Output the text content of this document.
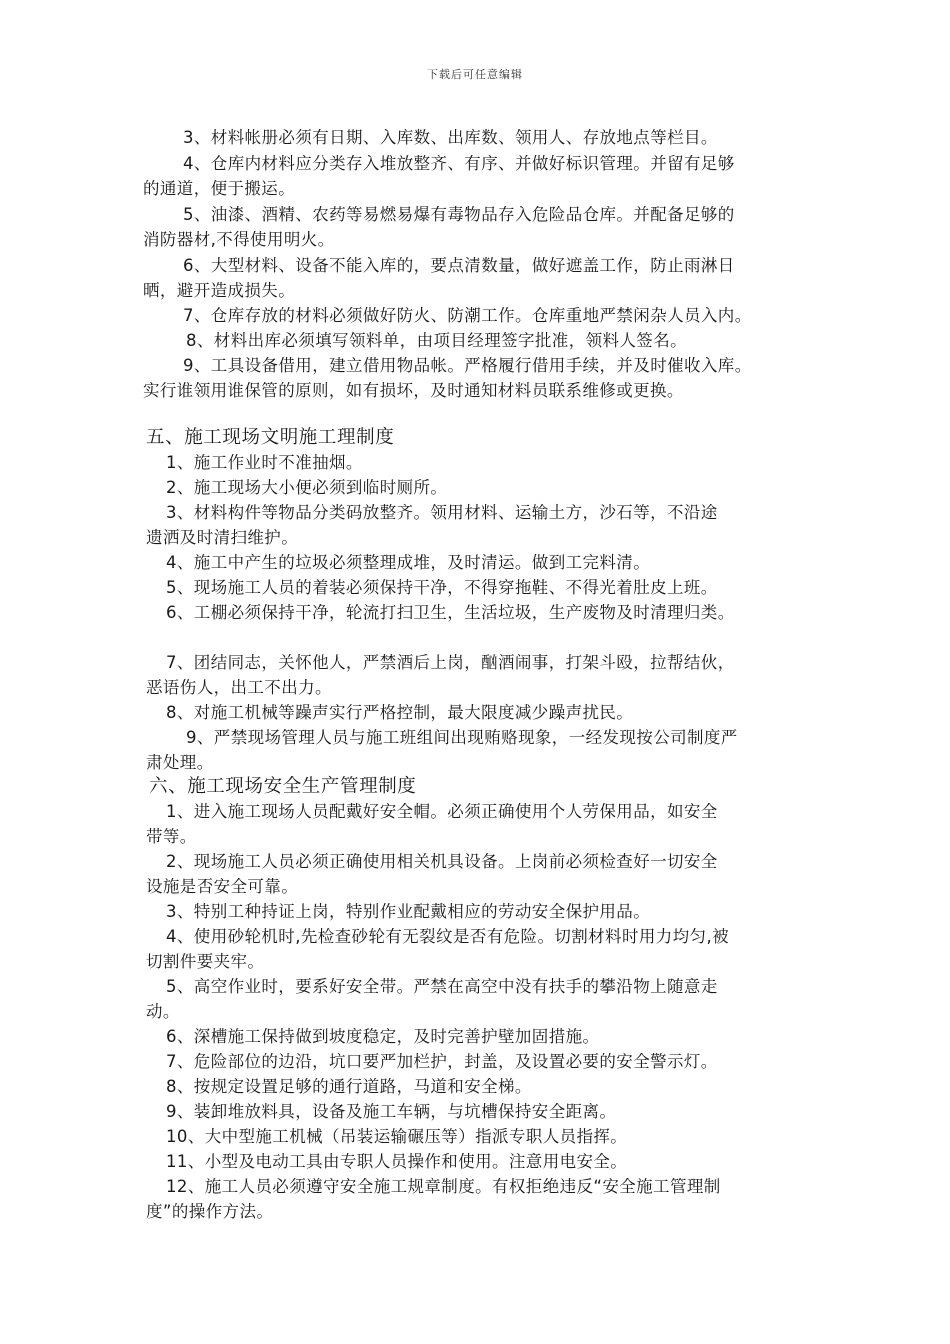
下载后可任意编辑
3、材料帐册必须有日期、入库数、出库数、领用人、存放地点等栏目。
4、仓库内材料应分类存入堆放整齐、有序、并做好标识管理。并留有足够
的通道，便于搬运。
5、油漆、酒精、农药等易燃易爆有毒物品存入危险品仓库。并配备足够的
消防器材,不得使用明火。
6、大型材料、设备不能入库的，要点清数量，做好遮盖工作，防止雨淋日
晒，避开造成损失。
7、仓库存放的材料必须做好防火、防潮工作。仓库重地严禁闲杂人员入内。
8、材料出库必须填写领料单，由项目经理签字批准，领料人签名。
9、工具设备借用，建立借用物品帐。严格履行借用手续，并及时催收入库。
实行谁领用谁保管的原则，如有损坏，及时通知材料员联系维修或更换。
五、施工现场文明施工理制度
1、施工作业时不准抽烟。
2、施工现场大小便必须到临时厕所。
3、材料构件等物品分类码放整齐。领用材料、运输土方，沙石等，不沿途
遗洒及时清扫维护。
4、施工中产生的垃圾必须整理成堆，及时清运。做到工完料清。
5、现场施工人员的着装必须保持干净，不得穿拖鞋、不得光着肚皮上班。
6、工棚必须保持干净，轮流打扫卫生，生活垃圾，生产废物及时清理归类。
7、团结同志，关怀他人，严禁酒后上岗，酗酒闹事，打架斗殴，拉帮结伙，
恶语伤人，出工不出力。
8、对施工机械等躁声实行严格控制，最大限度减少躁声扰民。
9、严禁现场管理人员与施工班组间出现贿赂现象，一经发现按公司制度严
肃处理。
六、施工现场安全生产管理制度
1、进入施工现场人员配戴好安全帽。必须正确使用个人劳保用品，如安全
带等。
2、现场施工人员必须正确使用相关机具设备。上岗前必须检查好一切安全
设施是否安全可靠。
3、特别工种持证上岗，特别作业配戴相应的劳动安全保护用品。
4、使用砂轮机时,先检查砂轮有无裂纹是否有危险。切割材料时用力均匀,被
切割件要夹牢。
5、高空作业时，要系好安全带。严禁在高空中没有扶手的攀沿物上随意走
动。
6、深槽施工保持做到坡度稳定，及时完善护壁加固措施。
7、危险部位的边沿，坑口要严加栏护，封盖，及设置必要的安全警示灯。
8、按规定设置足够的通行道路，马道和安全梯。
9、装卸堆放料具，设备及施工车辆，与坑槽保持安全距离。
10、大中型施工机械（吊装运输碾压等）指派专职人员指挥。
11、小型及电动工具由专职人员操作和使用。注意用电安全。
12、施工人员必须遵守安全施工规章制度。有权拒绝违反“安全施工管理制
度”的操作方法。
